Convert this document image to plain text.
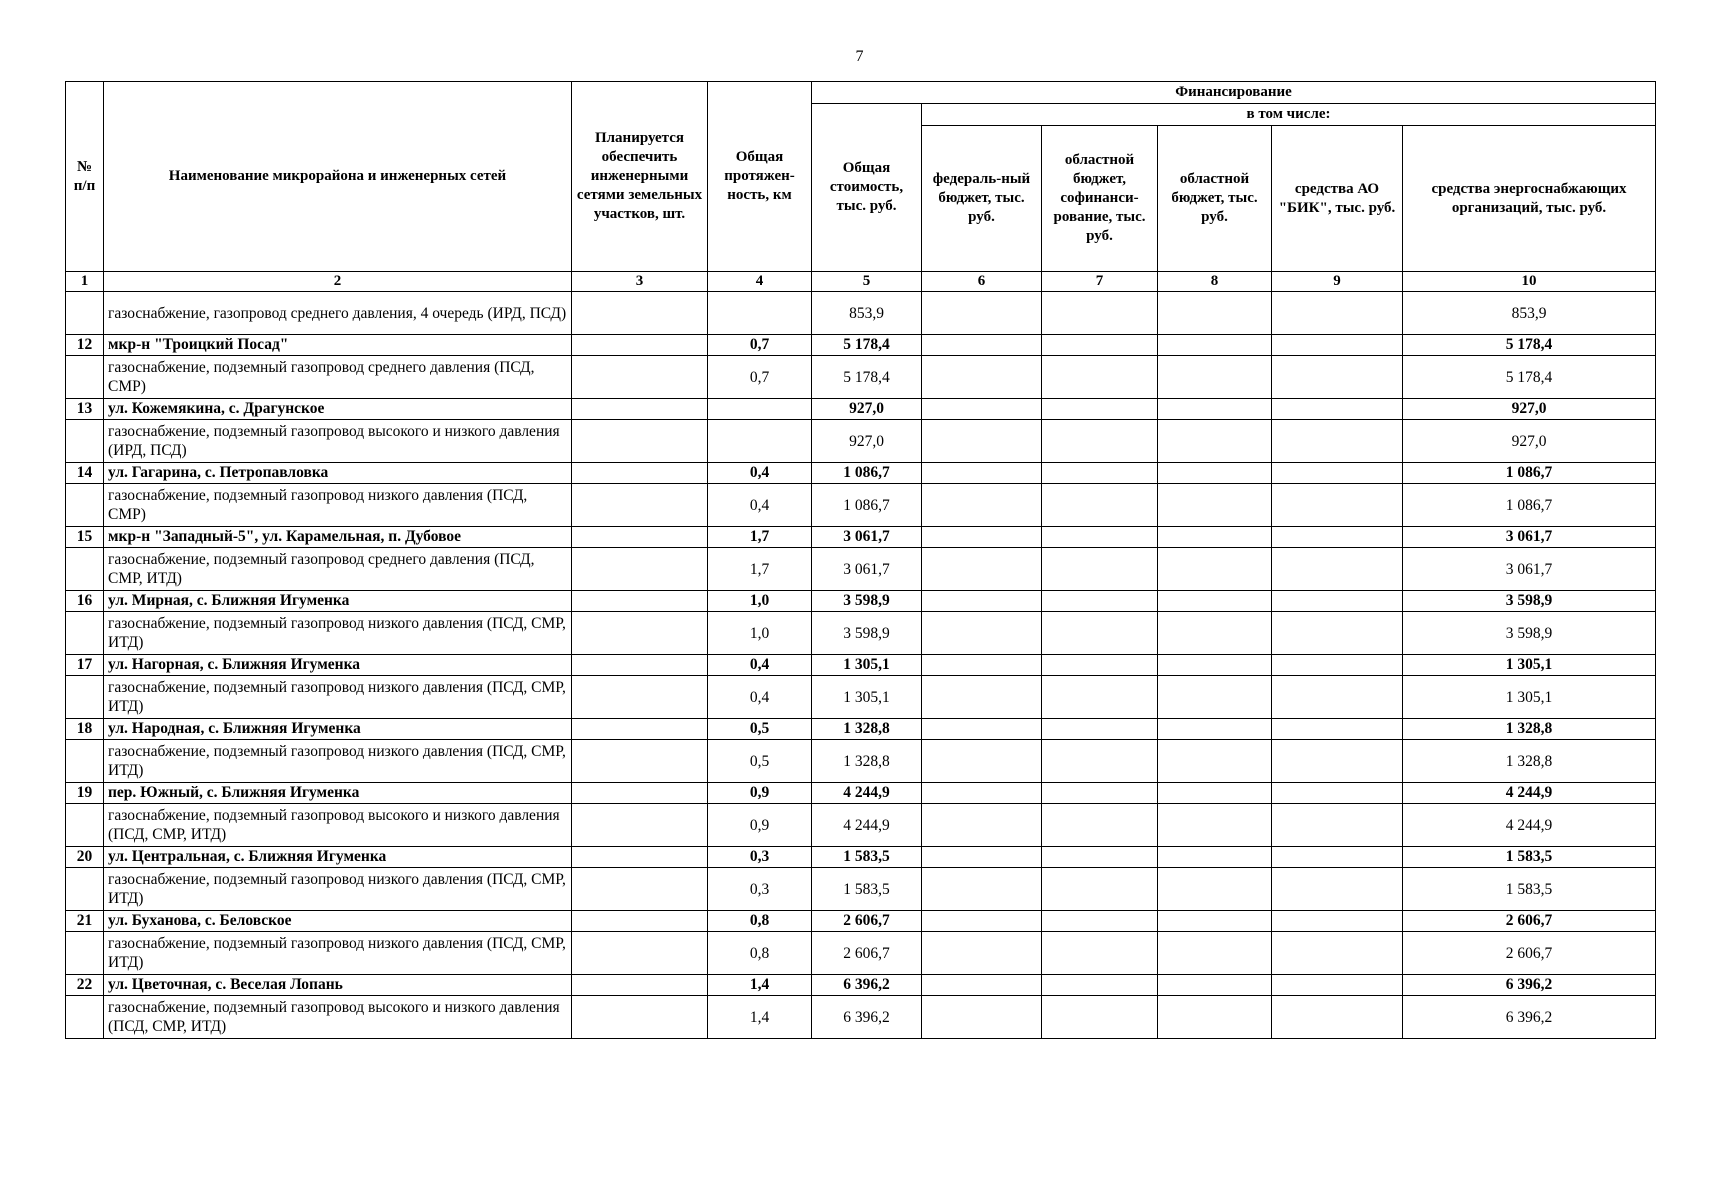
7
№ п/п	Наименование микрорайона и инженерных сетей	Планируется обеспечить инженерными сетями земельных участков, шт.	Общая протяжен-ность, км	Финансирование					
				Общая стоимость, тыс. руб.	в том числе:				
					федераль-ный бюджет, тыс. руб.	областной бюджет, софинанси-рование, тыс. руб.	областной бюджет, тыс. руб.	средства АО "БИК", тыс. руб.	средства энергоснабжающих организаций, тыс. руб.
1	2	3	4	5	6	7	8	9	10
	газоснабжение, газопровод среднего давления, 4 очередь (ИРД, ПСД)			853,9					853,9
12	мкр-н "Троицкий Посад"		0,7	5 178,4					5 178,4
	газоснабжение, подземный газопровод среднего давления (ПСД, СМР)		0,7	5 178,4					5 178,4
13	ул. Кожемякина, с. Драгунское			927,0					927,0
	газоснабжение, подземный газопровод высокого и низкого давления (ИРД, ПСД)			927,0					927,0
14	ул. Гагарина, с. Петропавловка		0,4	1 086,7					1 086,7
	газоснабжение, подземный газопровод низкого давления (ПСД, СМР)		0,4	1 086,7					1 086,7
15	мкр-н "Западный-5", ул. Карамельная, п. Дубовое		1,7	3 061,7					3 061,7
	газоснабжение, подземный газопровод среднего давления (ПСД, СМР, ИТД)		1,7	3 061,7					3 061,7
16	ул. Мирная, с. Ближняя Игуменка		1,0	3 598,9					3 598,9
	газоснабжение, подземный газопровод низкого давления (ПСД, СМР, ИТД)		1,0	3 598,9					3 598,9
17	ул. Нагорная, с. Ближняя Игуменка		0,4	1 305,1					1 305,1
	газоснабжение, подземный газопровод низкого давления (ПСД, СМР, ИТД)		0,4	1 305,1					1 305,1
18	ул. Народная, с. Ближняя Игуменка		0,5	1 328,8					1 328,8
	газоснабжение, подземный газопровод низкого давления (ПСД, СМР, ИТД)		0,5	1 328,8					1 328,8
19	пер. Южный, с. Ближняя Игуменка		0,9	4 244,9					4 244,9
	газоснабжение, подземный газопровод высокого и низкого давления (ПСД, СМР, ИТД)		0,9	4 244,9					4 244,9
20	ул. Центральная, с. Ближняя Игуменка		0,3	1 583,5					1 583,5
	газоснабжение, подземный газопровод низкого давления (ПСД, СМР, ИТД)		0,3	1 583,5					1 583,5
21	ул. Буханова, с. Беловское		0,8	2 606,7					2 606,7
	газоснабжение, подземный газопровод низкого давления (ПСД, СМР, ИТД)		0,8	2 606,7					2 606,7
22	ул. Цветочная, с. Веселая Лопань		1,4	6 396,2					6 396,2
	газоснабжение, подземный газопровод высокого и низкого давления (ПСД, СМР, ИТД)		1,4	6 396,2					6 396,2
